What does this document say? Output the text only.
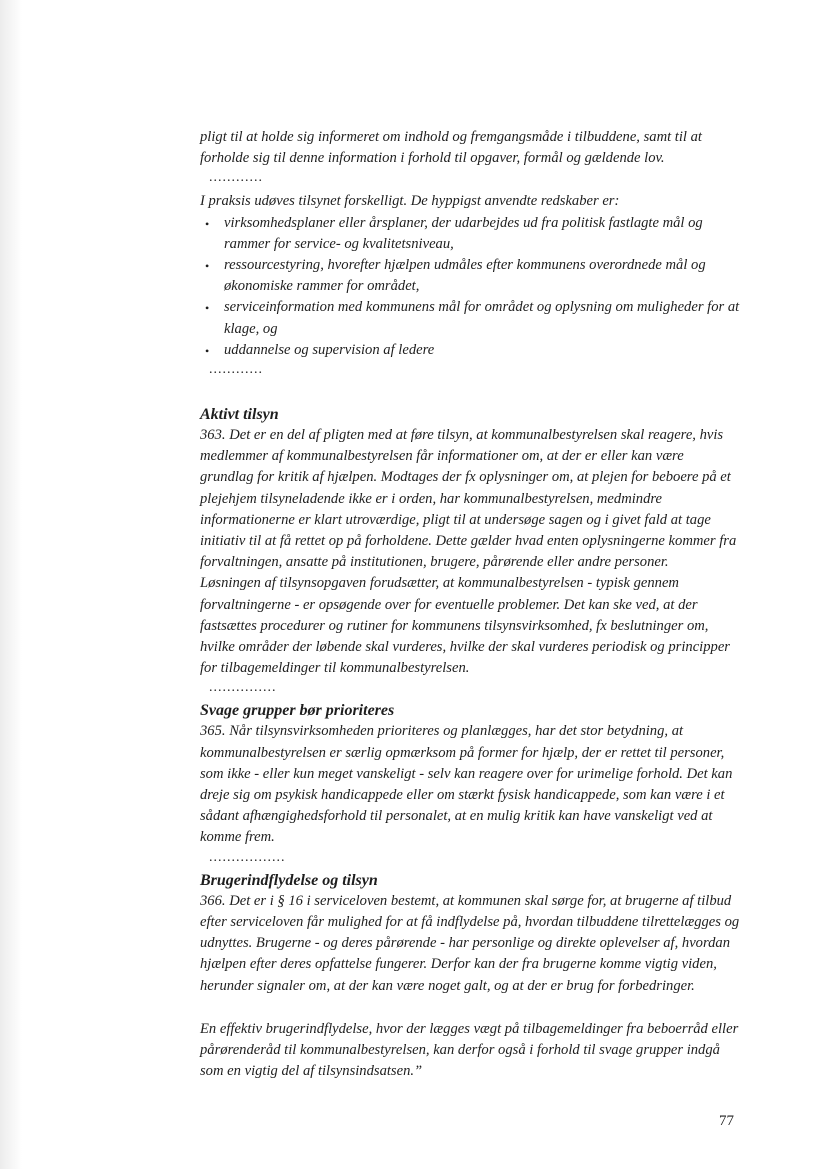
pligt til at holde sig informeret om indhold og fremgangsmåde i tilbuddene, samt til at forholde sig til denne information i forhold til opgaver, formål og gældende lov.

............

I praksis udøves tilsynet forskelligt. De hyppigst anvendte redskaber er:

• virksomhedsplaner eller årsplaner, der udarbejdes ud fra politisk fastlagte mål og rammer for service- og kvalitetsniveau,
• ressourcestyring, hvorefter hjælpen udmåles efter kommunens overordnede mål og økonomiske rammer for området,
• serviceinformation med kommunens mål for området og oplysning om muligheder for at klage, og
• uddannelse og supervision af ledere

............

Aktivt tilsyn

363. Det er en del af pligten med at føre tilsyn, at kommunalbestyrelsen skal reagere, hvis medlemmer af kommunalbestyrelsen får informationer om, at der er eller kan være grundlag for kritik af hjælpen. Modtages der fx oplysninger om, at plejen for beboere på et plejehjem tilsyneladende ikke er i orden, har kommunalbestyrelsen, medmindre informationerne er klart utroværdige, pligt til at undersøge sagen og i givet fald at tage initiativ til at få rettet op på forholdene. Dette gælder hvad enten oplysningerne kommer fra forvaltningen, ansatte på institutionen, brugere, pårørende eller andre personer.

Løsningen af tilsynsopgaven forudsætter, at kommunalbestyrelsen - typisk gennem forvaltningerne - er opsøgende over for eventuelle problemer. Det kan ske ved, at der fastsættes procedurer og rutiner for kommunens tilsynsvirksomhed, fx beslutninger om, hvilke områder der løbende skal vurderes, hvilke der skal vurderes periodisk og principper for tilbagemeldinger til kommunalbestyrelsen.

...............

Svage grupper bør prioriteres

365. Når tilsynsvirksomheden prioriteres og planlægges, har det stor betydning, at kommunalbestyrelsen er særlig opmærksom på former for hjælp, der er rettet til personer, som ikke - eller kun meget vanskeligt - selv kan reagere over for urimelige forhold. Det kan dreje sig om psykisk handicappede eller om stærkt fysisk handicappede, som kan være i et sådant afhængighedsforhold til personalet, at en mulig kritik kan have vanskeligt ved at komme frem.

.................

Brugerindflydelse og tilsyn

366. Det er i § 16 i serviceloven bestemt, at kommunen skal sørge for, at brugerne af tilbud efter serviceloven får mulighed for at få indflydelse på, hvordan tilbuddene tilrettelægges og udnyttes. Brugerne - og deres pårørende - har personlige og direkte oplevelser af, hvordan hjælpen efter deres opfattelse fungerer. Derfor kan der fra brugerne komme vigtig viden, herunder signaler om, at der kan være noget galt, og at der er brug for forbedringer.

En effektiv brugerindflydelse, hvor der lægges vægt på tilbagemeldinger fra beboerråd eller pårørenderåd til kommunalbestyrelsen, kan derfor også i forhold til svage grupper indgå som en vigtig del af tilsynsindsatsen.”

77
